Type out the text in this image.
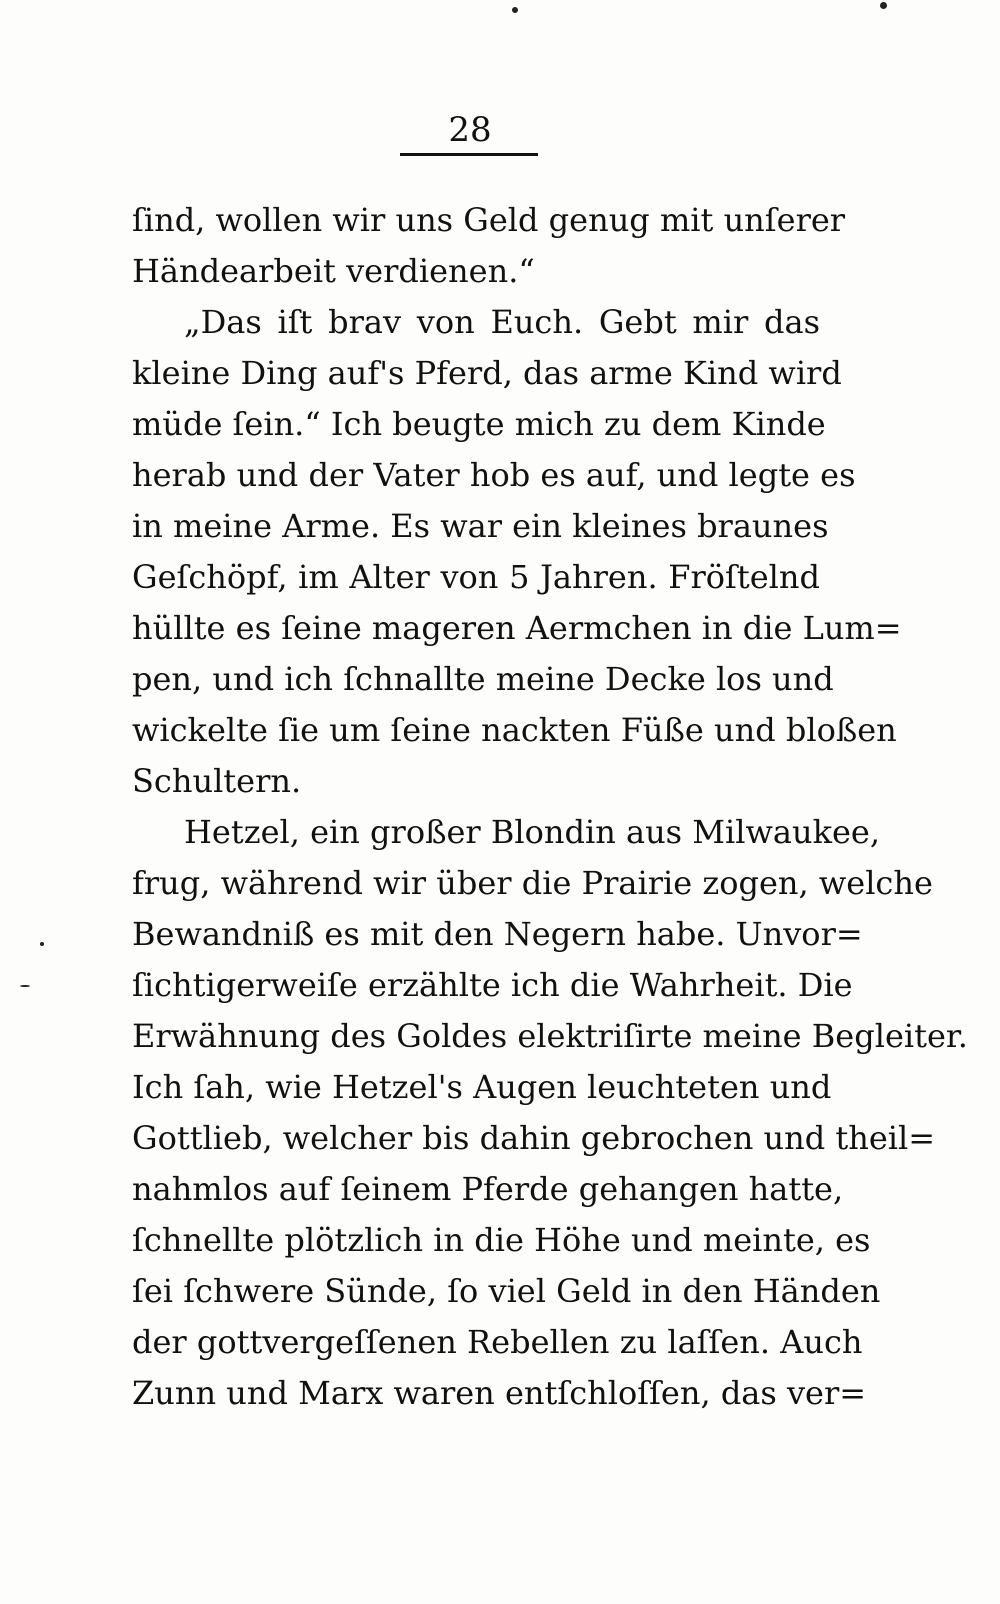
28
ſind, wollen wir uns Geld genug mit unſerer
Händearbeit verdienen.“
„Das iſt brav von Euch. Gebt mir das
kleine Ding auf's Pferd, das arme Kind wird
müde ſein.“ Ich beugte mich zu dem Kinde
herab und der Vater hob es auf, und legte es
in meine Arme. Es war ein kleines braunes
Geſchöpf, im Alter von 5 Jahren. Fröſtelnd
hüllte es ſeine mageren Aermchen in die Lum=
pen, und ich ſchnallte meine Decke los und
wickelte ſie um ſeine nackten Füße und bloßen
Schultern.
Hetzel, ein großer Blondin aus Milwaukee,
frug, während wir über die Prairie zogen, welche
Bewandniß es mit den Negern habe. Unvor=
ſichtigerweiſe erzählte ich die Wahrheit. Die
Erwähnung des Goldes elektriſirte meine Begleiter.
Ich ſah, wie Hetzel's Augen leuchteten und
Gottlieb, welcher bis dahin gebrochen und theil=
nahmlos auf ſeinem Pferde gehangen hatte,
ſchnellte plötzlich in die Höhe und meinte, es
ſei ſchwere Sünde, ſo viel Geld in den Händen
der gottvergeſſenen Rebellen zu laſſen. Auch
Zunn und Marx waren entſchloſſen, das ver=
